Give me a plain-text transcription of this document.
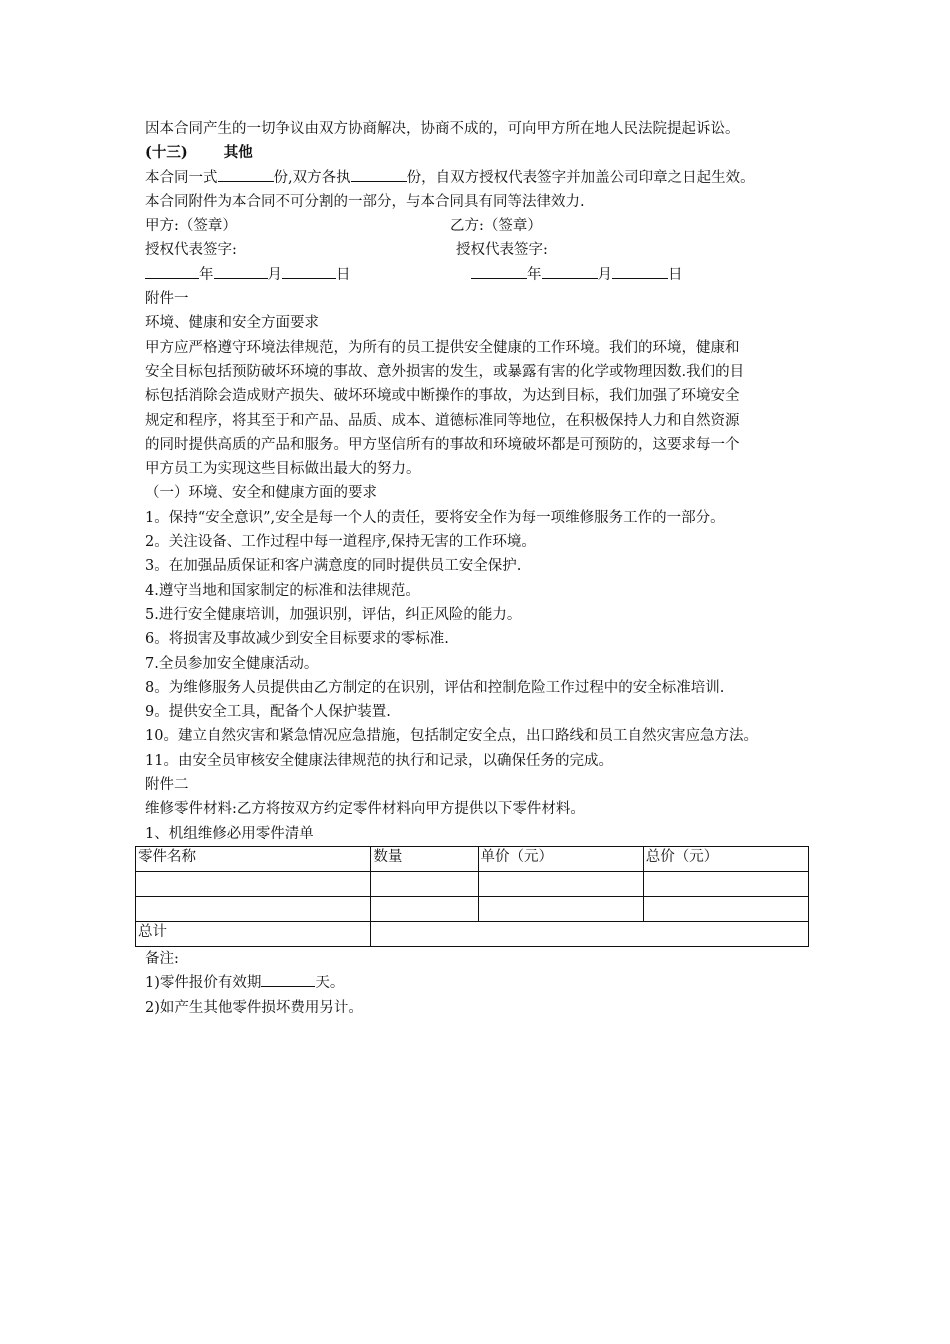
因本合同产生的一切争议由双方协商解决，协商不成的，可向甲方所在地人民法院提起诉讼。
(十三) 其他
本合同一式	份,双方各执	份，自双方授权代表签字并加盖公司印章之日起生效。
本合同附件为本合同不可分割的一部分，与本合同具有同等法律效力.
甲方:（签章）	乙方:（签章）
授权代表签字:	授权代表签字:
年	月	日	年	月	日
附件一
环境、健康和安全方面要求
甲方应严格遵守环境法律规范，为所有的员工提供安全健康的工作环境。我们的环境，健康和
安全目标包括预防破坏环境的事故、意外损害的发生，或暴露有害的化学或物理因数.我们的目
标包括消除会造成财产损失、破坏环境或中断操作的事故，为达到目标，我们加强了环境安全
规定和程序，将其至于和产品、品质、成本、道德标准同等地位，在积极保持人力和自然资源
的同时提供高质的产品和服务。甲方坚信所有的事故和环境破坏都是可预防的，这要求每一个
甲方员工为实现这些目标做出最大的努力。
（一）环境、安全和健康方面的要求
1。保持“安全意识”,安全是每一个人的责任，要将安全作为每一项维修服务工作的一部分。
2。关注设备、工作过程中每一道程序,保持无害的工作环境。
3。在加强品质保证和客户满意度的同时提供员工安全保护.
4.遵守当地和国家制定的标准和法律规范。
5.进行安全健康培训，加强识别，评估，纠正风险的能力。
6。将损害及事故减少到安全目标要求的零标准.
7.全员参加安全健康活动。
8。为维修服务人员提供由乙方制定的在识别，评估和控制危险工作过程中的安全标准培训.
9。提供安全工具，配备个人保护装置.
10。建立自然灾害和紧急情况应急措施，包括制定安全点，出口路线和员工自然灾害应急方法。
11。由安全员审核安全健康法律规范的执行和记录，以确保任务的完成。
附件二
维修零件材料:乙方将按双方约定零件材料向甲方提供以下零件材料。
1、机组维修必用零件清单
零件名称	数量	单价（元）	总价（元）

总计			
备注:
1)零件报价有效期	天。
2)如产生其他零件损坏费用另计。
